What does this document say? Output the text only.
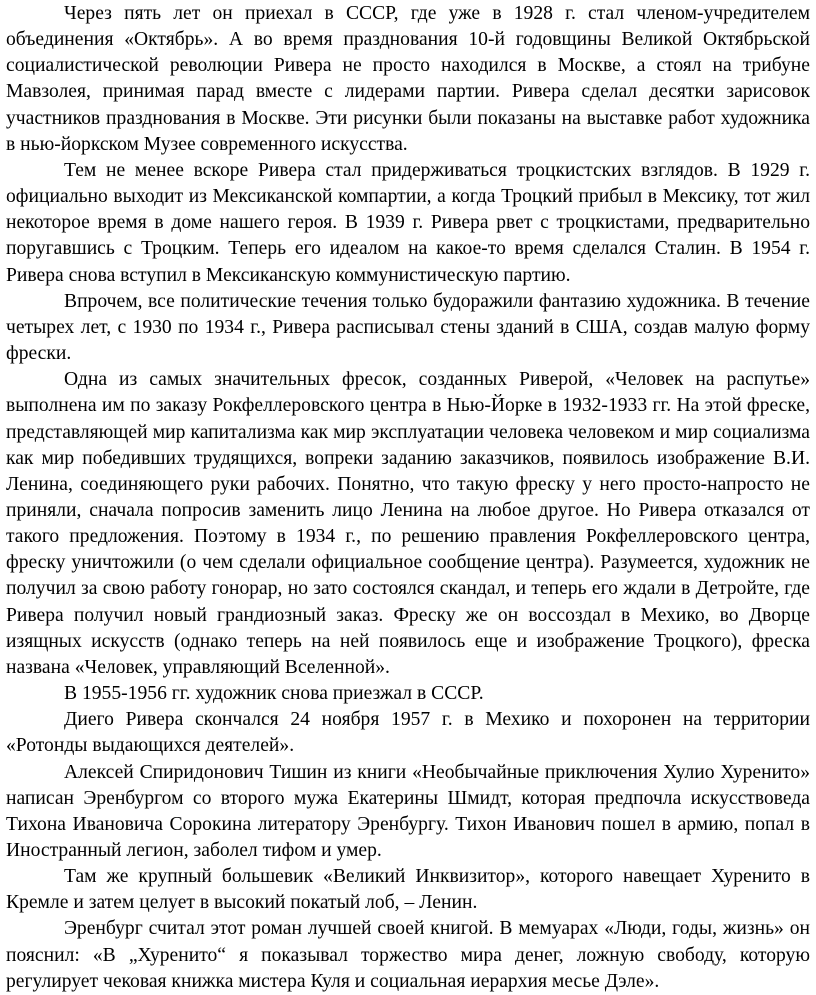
Через пять лет он приехал в СССР, где уже в 1928 г. стал членом-учредителем объединения «Октябрь». А во время празднования 10-й годовщины Великой Октябрьской социалистической революции Ривера не просто находился в Москве, а стоял на трибуне Мавзолея, принимая парад вместе с лидерами партии. Ривера сделал десятки зарисовок участников празднования в Москве. Эти рисунки были показаны на выставке работ художника в нью-йоркском Музее современного искусства.

Тем не менее вскоре Ривера стал придерживаться троцкистских взглядов. В 1929 г. официально выходит из Мексиканской компартии, а когда Троцкий прибыл в Мексику, тот жил некоторое время в доме нашего героя. В 1939 г. Ривера рвет с троцкистами, предварительно поругавшись с Троцким. Теперь его идеалом на какое-то время сделался Сталин. В 1954 г. Ривера снова вступил в Мексиканскую коммунистическую партию.

Впрочем, все политические течения только будоражили фантазию художника. В течение четырех лет, с 1930 по 1934 г., Ривера расписывал стены зданий в США, создав малую форму фрески.

Одна из самых значительных фресок, созданных Риверой, «Человек на распутье» выполнена им по заказу Рокфеллеровского центра в Нью-Йорке в 1932-1933 гг. На этой фреске, представляющей мир капитализма как мир эксплуатации человека человеком и мир социализма как мир победивших трудящихся, вопреки заданию заказчиков, появилось изображение В.И. Ленина, соединяющего руки рабочих. Понятно, что такую фреску у него просто-напросто не приняли, сначала попросив заменить лицо Ленина на любое другое. Но Ривера отказался от такого предложения. Поэтому в 1934 г., по решению правления Рокфеллеровского центра, фреску уничтожили (о чем сделали официальное сообщение центра). Разумеется, художник не получил за свою работу гонорар, но зато состоялся скандал, и теперь его ждали в Детройте, где Ривера получил новый грандиозный заказ. Фреску же он воссоздал в Мехико, во Дворце изящных искусств (однако теперь на ней появилось еще и изображение Троцкого), фреска названа «Человек, управляющий Вселенной».

В 1955-1956 гг. художник снова приезжал в СССР.

Диего Ривера скончался 24 ноября 1957 г. в Мехико и похоронен на территории «Ротонды выдающихся деятелей».

Алексей Спиридонович Тишин из книги «Необычайные приключения Хулио Хуренито» написан Эренбургом со второго мужа Екатерины Шмидт, которая предпочла искусствоведа Тихона Ивановича Сорокина литератору Эренбургу. Тихон Иванович пошел в армию, попал в Иностранный легион, заболел тифом и умер.

Там же крупный большевик «Великий Инквизитор», которого навещает Хуренито в Кремле и затем целует в высокий покатый лоб, – Ленин.

Эренбург считал этот роман лучшей своей книгой. В мемуарах «Люди, годы, жизнь» он пояснил: «В „Хуренито“ я показывал торжество мира денег, ложную свободу, которую регулирует чековая книжка мистера Куля и социальная иерархия месье Дэле».
